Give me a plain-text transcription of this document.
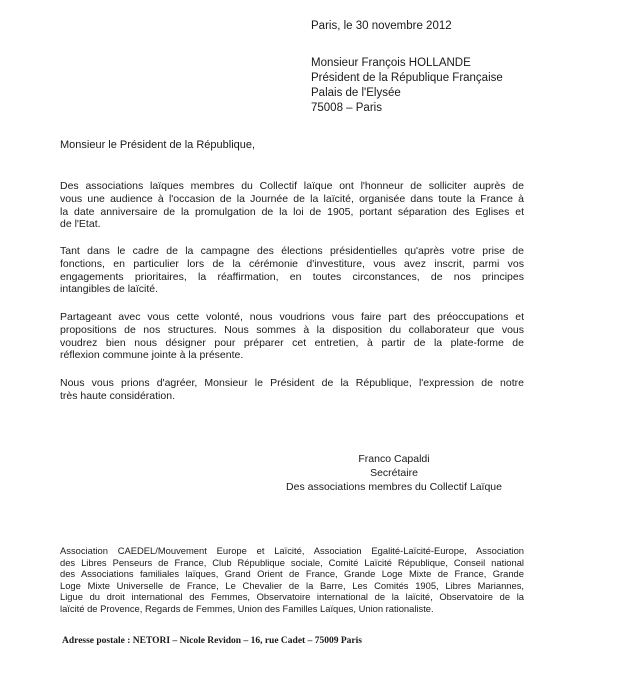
Paris, le 30 novembre 2012
Monsieur François HOLLANDE
Président de la République Française
Palais de l'Elysée
75008 – Paris
Monsieur le Président de la République,
Des associations laïques membres du Collectif laïque ont l'honneur de solliciter auprès de
vous une audience à l'occasion de la Journée de la laïcité, organisée dans toute la France à
la date anniversaire de la promulgation de la loi de 1905, portant séparation des Eglises et
de l'Etat.
Tant dans le cadre de la campagne des élections présidentielles qu'après votre prise de
fonctions, en particulier lors de la cérémonie d'investiture, vous avez inscrit, parmi vos
engagements prioritaires, la réaffirmation, en toutes circonstances, de nos principes
intangibles de laïcité.
Partageant avec vous cette volonté, nous voudrions vous faire part des préoccupations et
propositions de nos structures. Nous sommes à la disposition du collaborateur que vous
voudrez bien nous désigner pour préparer cet entretien, à partir de la plate-forme de
réflexion commune jointe à la présente.
Nous vous prions d'agréer, Monsieur le Président de la République, l'expression de notre
très haute considération.
Franco Capaldi
Secrétaire
Des associations membres du Collectif Laïque
Association CAEDEL/Mouvement Europe et Laïcité, Association Egalité-Laïcité-Europe, Association
des Libres Penseurs de France, Club République sociale, Comité Laïcité République, Conseil national
des Associations familiales laïques, Grand Orient de France, Grande Loge Mixte de France, Grande
Loge Mixte Universelle de France, Le Chevalier de la Barre, Les Comités 1905, Libres Mariannes,
Ligue du droit international des Femmes, Observatoire international de la laïcité, Observatoire de la
laïcité de Provence, Regards de Femmes, Union des Familles Laïques, Union rationaliste.
Adresse postale : NETORI – Nicole Revidon – 16, rue Cadet – 75009 Paris
